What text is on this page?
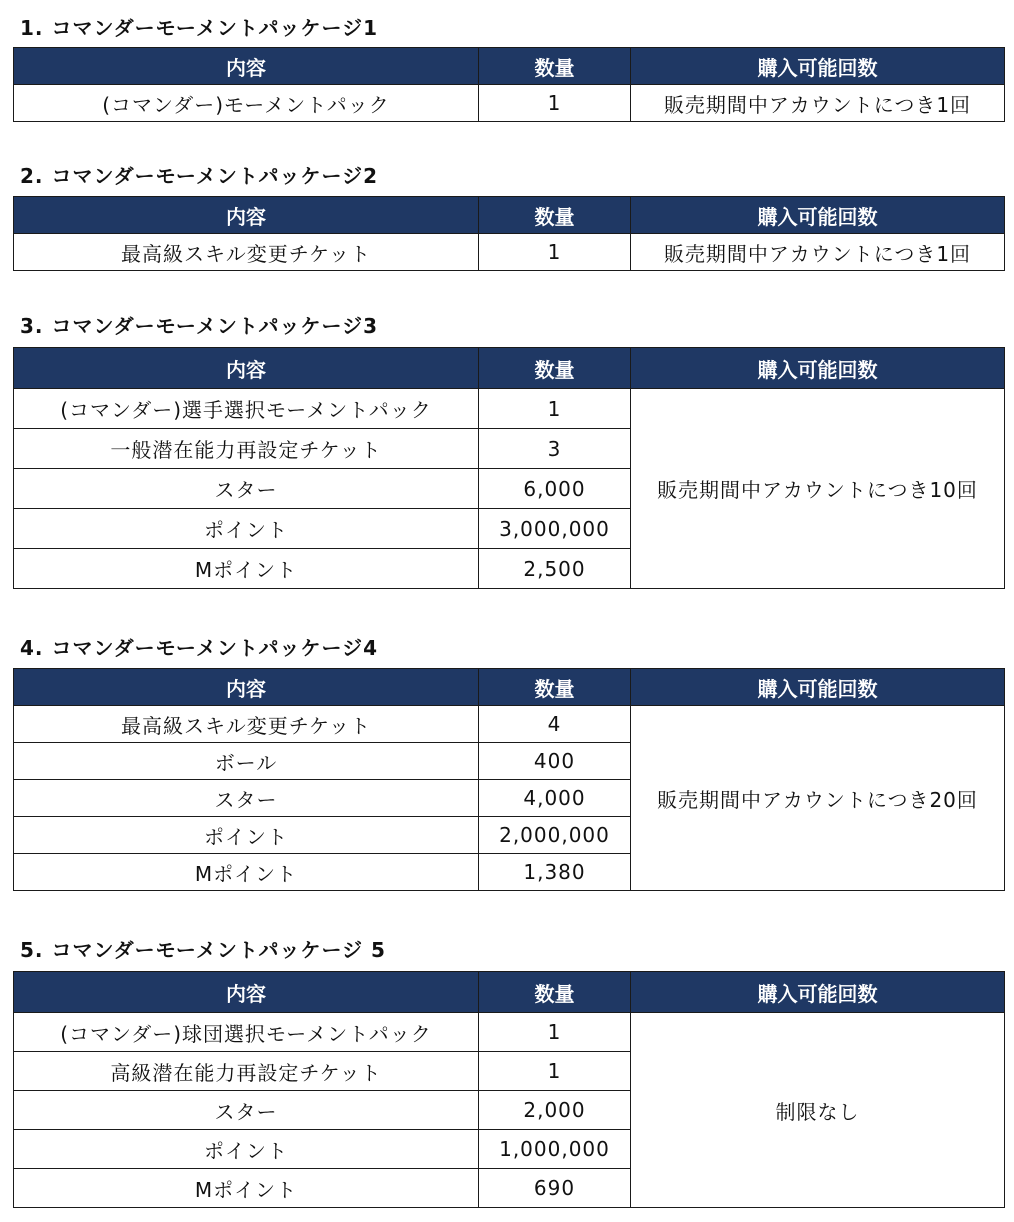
1. コマンダーモーメントパッケージ1
内容	数量	購入可能回数
(コマンダー)モーメントパック	1	販売期間中アカウントにつき1回
2. コマンダーモーメントパッケージ2
内容	数量	購入可能回数
最高級スキル変更チケット	1	販売期間中アカウントにつき1回
3. コマンダーモーメントパッケージ3
内容	数量	購入可能回数
(コマンダー)選手選択モーメントパック	1	販売期間中アカウントにつき10回
一般潜在能力再設定チケット	3	
スター	6,000	
ポイント	3,000,000	
Mポイント	2,500	
4. コマンダーモーメントパッケージ4
内容	数量	購入可能回数
最高級スキル変更チケット	4	販売期間中アカウントにつき20回
ボール	400	
スター	4,000	
ポイント	2,000,000	
Mポイント	1,380	
5. コマンダーモーメントパッケージ 5
内容	数量	購入可能回数
(コマンダー)球団選択モーメントパック	1	制限なし
高級潜在能力再設定チケット	1	
スター	2,000	
ポイント	1,000,000	
Mポイント	690	
